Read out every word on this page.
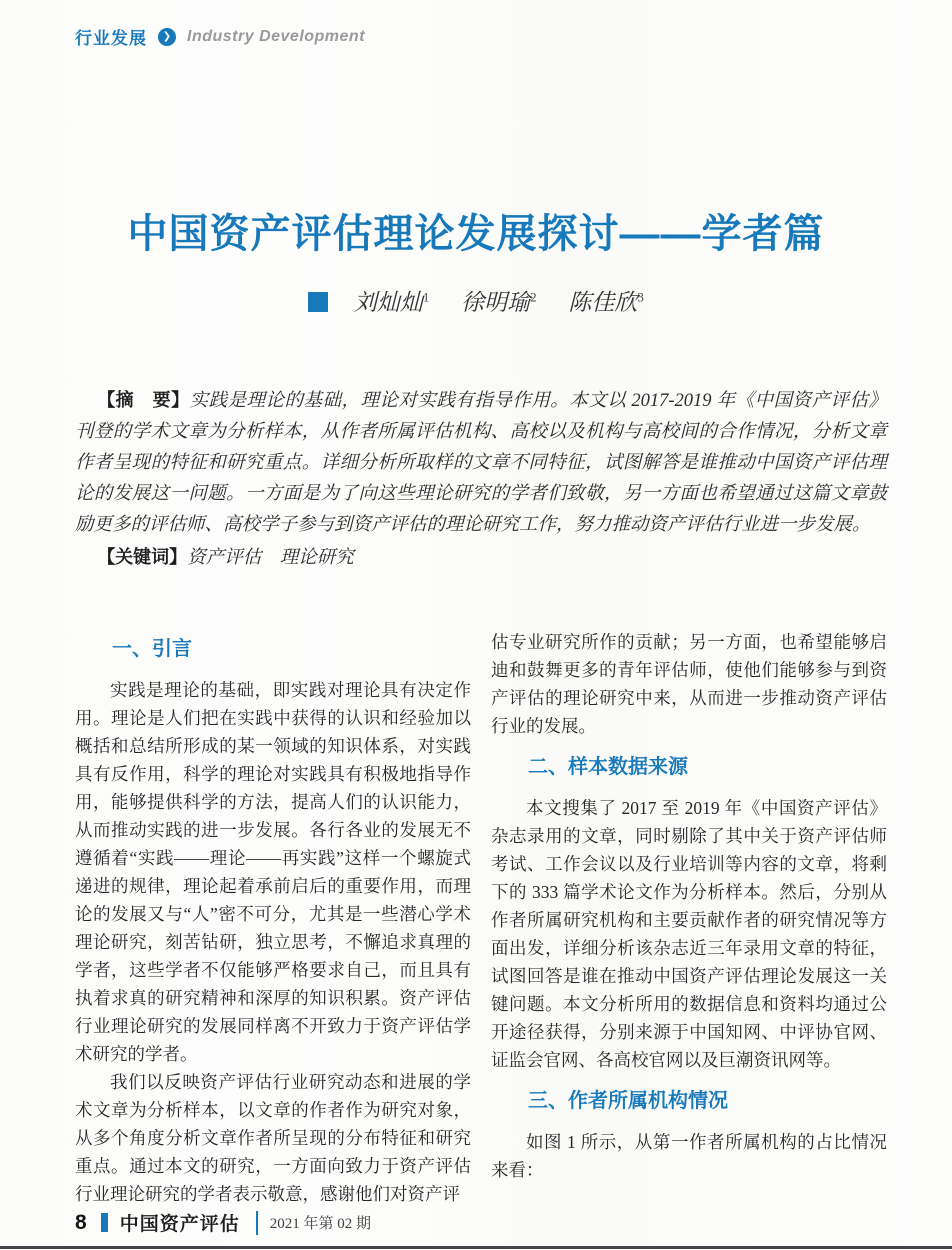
行业发展	❯ Industry Development
中国资产评估理论发展探讨——学者篇
刘灿灿$^1$ 徐明瑜$^2$ 陈佳欣$^3$

【摘　要】实践是理论的基础，理论对实践有指导作用。本文以 2017-2019 年《中国资产评估》刊登的学术文章为分析样本，从作者所属评估机构、高校以及机构与高校间的合作情况，分析文章作者呈现的特征和研究重点。详细分析所取样的文章不同特征，试图解答是谁推动中国资产评估理论的发展这一问题。一方面是为了向这些理论研究的学者们致敬，另一方面也希望通过这篇文章鼓励更多的评估师、高校学子参与到资产评估的理论研究工作，努力推动资产评估行业进一步发展。

【关键词】资产评估　理论研究

一、引言

实践是理论的基础，即实践对理论具有决定作用。理论是人们把在实践中获得的认识和经验加以概括和总结所形成的某一领域的知识体系，对实践具有反作用，科学的理论对实践具有积极地指导作用，能够提供科学的方法，提高人们的认识能力，从而推动实践的进一步发展。各行各业的发展无不遵循着“实践——理论——再实践”这样一个螺旋式递进的规律，理论起着承前启后的重要作用，而理论的发展又与“人”密不可分，尤其是一些潜心学术理论研究，刻苦钻研，独立思考，不懈追求真理的学者，这些学者不仅能够严格要求自己，而且具有执着求真的研究精神和深厚的知识积累。资产评估行业理论研究的发展同样离不开致力于资产评估学术研究的学者。

我们以反映资产评估行业研究动态和进展的学术文章为分析样本，以文章的作者作为研究对象，从多个角度分析文章作者所呈现的分布特征和研究重点。通过本文的研究，一方面向致力于资产评估行业理论研究的学者表示敬意，感谢他们对资产评

估专业研究所作的贡献；另一方面，也希望能够启迪和鼓舞更多的青年评估师，使他们能够参与到资产评估的理论研究中来，从而进一步推动资产评估行业的发展。

二、样本数据来源

本文搜集了 2017 至 2019 年《中国资产评估》杂志录用的文章，同时剔除了其中关于资产评估师考试、工作会议以及行业培训等内容的文章，将剩下的 333 篇学术论文作为分析样本。然后，分别从作者所属研究机构和主要贡献作者的研究情况等方面出发，详细分析该杂志近三年录用文章的特征，试图回答是谁在推动中国资产评估理论发展这一关键问题。本文分析所用的数据信息和资料均通过公开途径获得，分别来源于中国知网、中评协官网、证监会官网、各高校官网以及巨潮资讯网等。

三、作者所属机构情况

如图 1 所示，从第一作者所属机构的占比情况来看：

8 中国资产评估 2021 年第 02 期
